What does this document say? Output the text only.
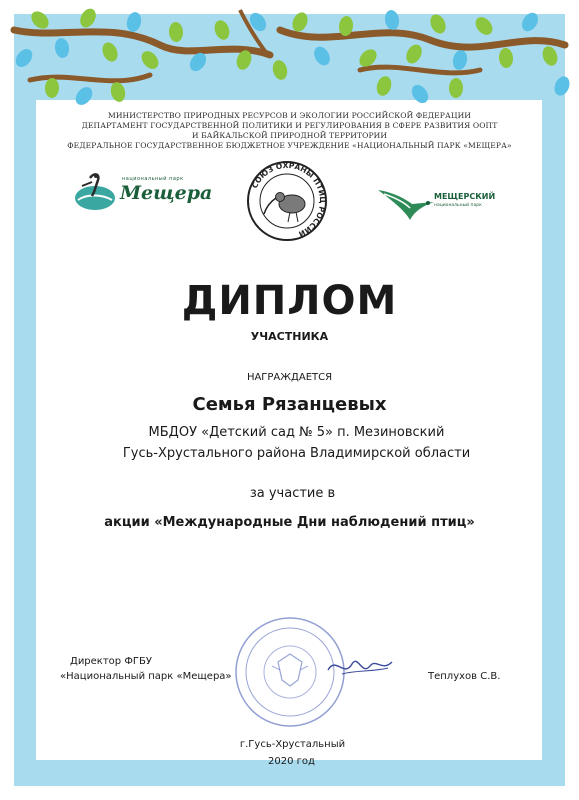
МИНИСТЕРСТВО ПРИРОДНЫХ РЕСУРСОВ И ЭКОЛОГИИ РОССИЙСКОЙ ФЕДЕРАЦИИ
ДЕПАРТАМЕНТ ГОСУДАРСТВЕННОЙ ПОЛИТИКИ И РЕГУЛИРОВАНИЯ В СФЕРЕ РАЗВИТИЯ ООПТ
И БАЙКАЛЬСКОЙ ПРИРОДНОЙ ТЕРРИТОРИИ
ФЕДЕРАЛЬНОЕ ГОСУДАРСТВЕННОЕ БЮДЖЕТНОЕ УЧРЕЖДЕНИЕ «НАЦИОНАЛЬНЫЙ ПАРК «МЕЩЕРА»
национальный парк
Мещера	СОЮЗ ОХРАНЫ ПТИЦ РОССИИ
МЕЩЕРСКИЙ
национальный парк
ДИПЛОМ
УЧАСТНИКА
НАГРАЖДАЕТСЯ
Семья Рязанцевых
МБДОУ «Детский сад № 5» п. Мезиновский
Гусь-Хрустального района Владимирской области
за участие в
акции «Международные Дни наблюдений птиц»
Директор ФГБУ
«Национальный парк «Мещера»	Теплухов С.В.
г.Гусь-Хрустальный
2020 год
